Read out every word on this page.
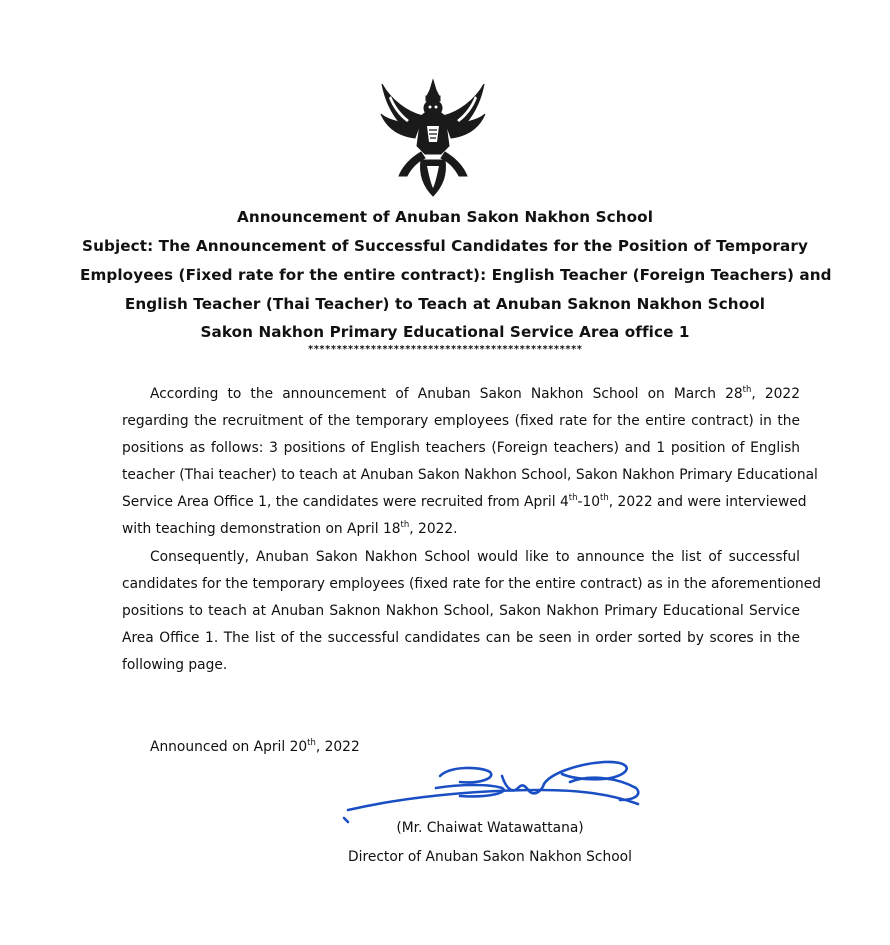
Announcement of Anuban Sakon Nakhon School
Subject: The Announcement of Successful Candidates for the Position of Temporary
Employees (Fixed rate for the entire contract): English Teacher (Foreign Teachers) and
English Teacher (Thai Teacher) to Teach at Anuban Saknon Nakhon School
Sakon Nakhon Primary Educational Service Area office 1
************************************************
According to the announcement of Anuban Sakon Nakhon School on March 28th, 2022
regarding the recruitment of the temporary employees (fixed rate for the entire contract) in the
positions as follows: 3 positions of English teachers (Foreign teachers) and 1 position of English
teacher (Thai teacher) to teach at Anuban Sakon Nakhon School, Sakon Nakhon Primary Educational
Service Area Office 1, the candidates were recruited from April 4th-10th, 2022 and were interviewed
with teaching demonstration on April 18th, 2022.
Consequently, Anuban Sakon Nakhon School would like to announce the list of successful
candidates for the temporary employees (fixed rate for the entire contract) as in the aforementioned
positions to teach at Anuban Saknon Nakhon School, Sakon Nakhon Primary Educational Service
Area Office 1. The list of the successful candidates can be seen in order sorted by scores in the
following page.
Announced on April 20th, 2022
(Mr. Chaiwat Watawattana)
Director of Anuban Sakon Nakhon School
